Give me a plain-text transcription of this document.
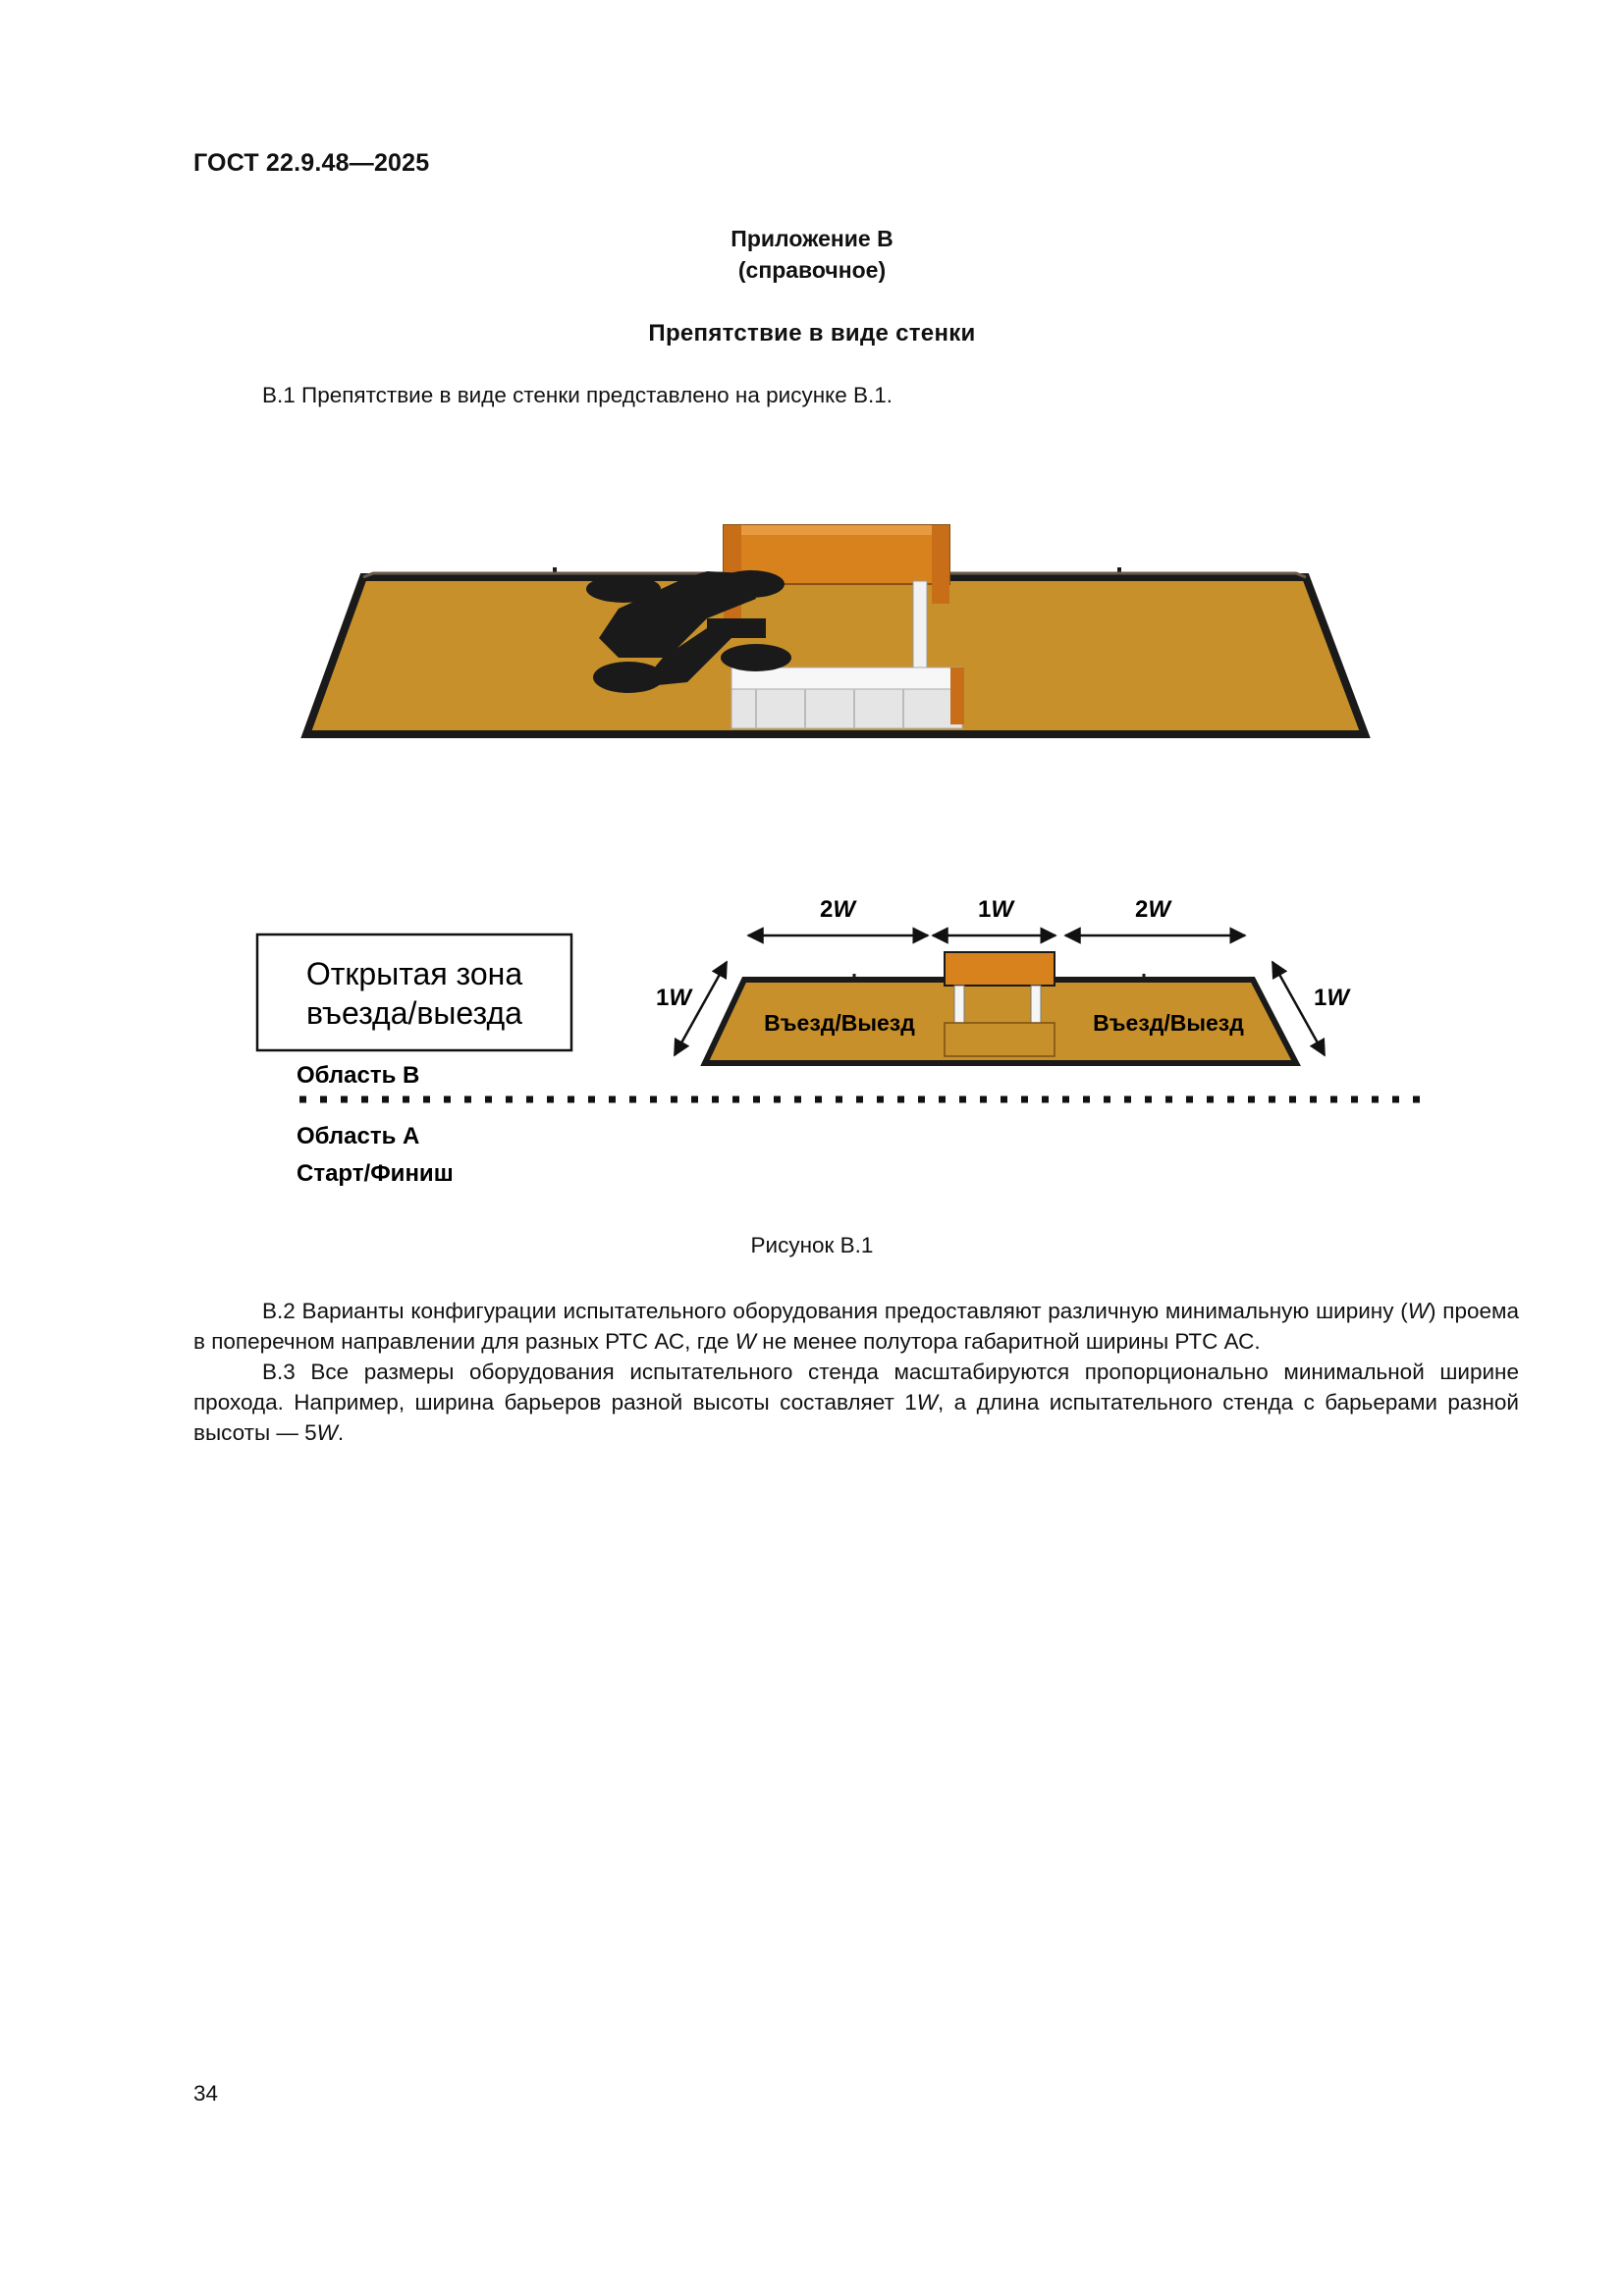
ГОСТ 22.9.48—2025
Приложение В
(справочное)
Препятствие в виде стенки
В.1 Препятствие в виде стенки представлено на рисунке В.1.
Открытая зона
въезда/выезда
Область В
Область А
Старт/Финиш
2W	1W	2W
1W	1W
Въезд/Выезд	Въезд/Выезд
Рисунок В.1

В.2 Варианты конфигурации испытательного оборудования предоставляют различную минимальную ширину (W) проема в поперечном направлении для разных РТС АС, где W не менее полутора габаритной ширины РТС АС.

В.3 Все размеры оборудования испытательного стенда масштабируются пропорционально минимальной ширине прохода. Например, ширина барьеров разной высоты составляет 1W, а длина испытательного стенда с барьерами разной высоты — 5W.

34
